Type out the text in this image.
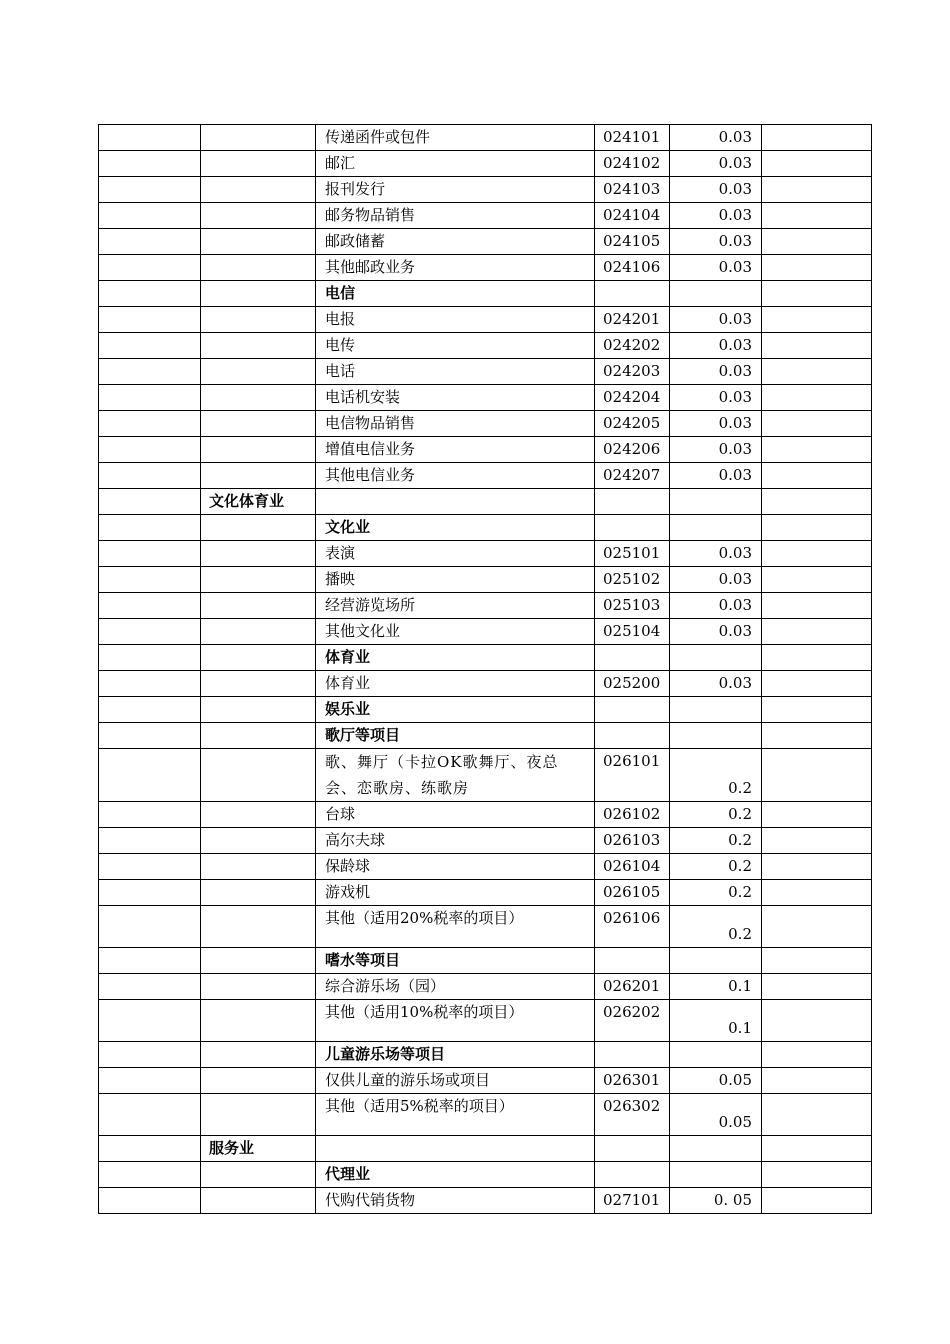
		传递函件或包件	024101	0.03	
		邮汇	024102	0.03	
		报刊发行	024103	0.03	
		邮务物品销售	024104	0.03	
		邮政储蓄	024105	0.03	
		其他邮政业务	024106	0.03	
		电信			
		电报	024201	0.03	
		电传	024202	0.03	
		电话	024203	0.03	
		电话机安装	024204	0.03	
		电信物品销售	024205	0.03	
		增值电信业务	024206	0.03	
		其他电信业务	024207	0.03	
	文化体育业				
		文化业			
		表演	025101	0.03	
		播映	025102	0.03	
		经营游览场所	025103	0.03	
		其他文化业	025104	0.03	
		体育业			
		体育业	025200	0.03	
		娱乐业			
		歌厅等项目			
		歌、舞厅（卡拉OK歌舞厅、夜总会、恋歌房、练歌房	026101	0.2	
		台球	026102	0.2	
		高尔夫球	026103	0.2	
		保龄球	026104	0.2	
		游戏机	026105	0.2	
		其他（适用20%税率的项目）	026106	0.2	
		嗜水等项目			
		综合游乐场（园）	026201	0.1	
		其他（适用10%税率的项目）	026202	0.1	
		儿童游乐场等项目			
		仅供儿童的游乐场或项目	026301	0.05	
		其他（适用5%税率的项目）	026302	0.05	
	服务业				
		代理业			
		代购代销货物	027101	0. 05	
